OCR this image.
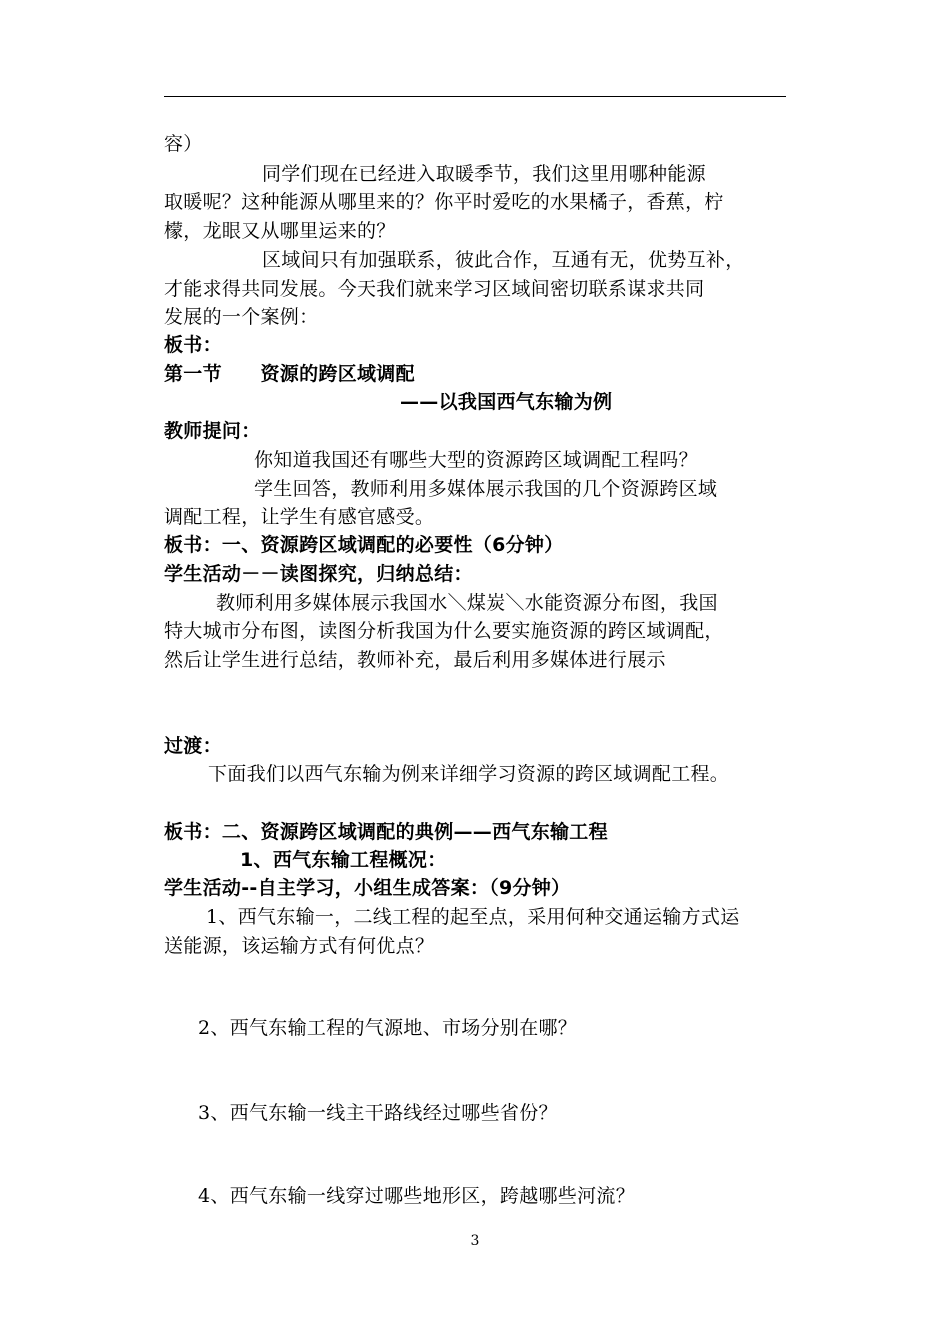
容）
同学们现在已经进入取暖季节，我们这里用哪种能源
取暖呢？这种能源从哪里来的？你平时爱吃的水果橘子，香蕉，柠
檬，龙眼又从哪里运来的？
区域间只有加强联系，彼此合作，互通有无，优势互补，
才能求得共同发展。今天我们就来学习区域间密切联系谋求共同
发展的一个案例：
板书：
第一节　　资源的跨区域调配
——以我国西气东输为例
教师提问：
你知道我国还有哪些大型的资源跨区域调配工程吗？
学生回答，教师利用多媒体展示我国的几个资源跨区域
调配工程，让学生有感官感受。
板书：一、资源跨区域调配的必要性（6分钟）
学生活动－－读图探究，归纳总结：
教师利用多媒体展示我国水＼煤炭＼水能资源分布图，我国
特大城市分布图，读图分析我国为什么要实施资源的跨区域调配，
然后让学生进行总结，教师补充，最后利用多媒体进行展示
过渡：
下面我们以西气东输为例来详细学习资源的跨区域调配工程。
板书：二、资源跨区域调配的典例——西气东输工程
1、西气东输工程概况：
学生活动--自主学习，小组生成答案：（9分钟）
1、西气东输一，二线工程的起至点，采用何种交通运输方式运
送能源，该运输方式有何优点？
2、西气东输工程的气源地、市场分别在哪？
3、西气东输一线主干路线经过哪些省份？
4、西气东输一线穿过哪些地形区，跨越哪些河流？
3
